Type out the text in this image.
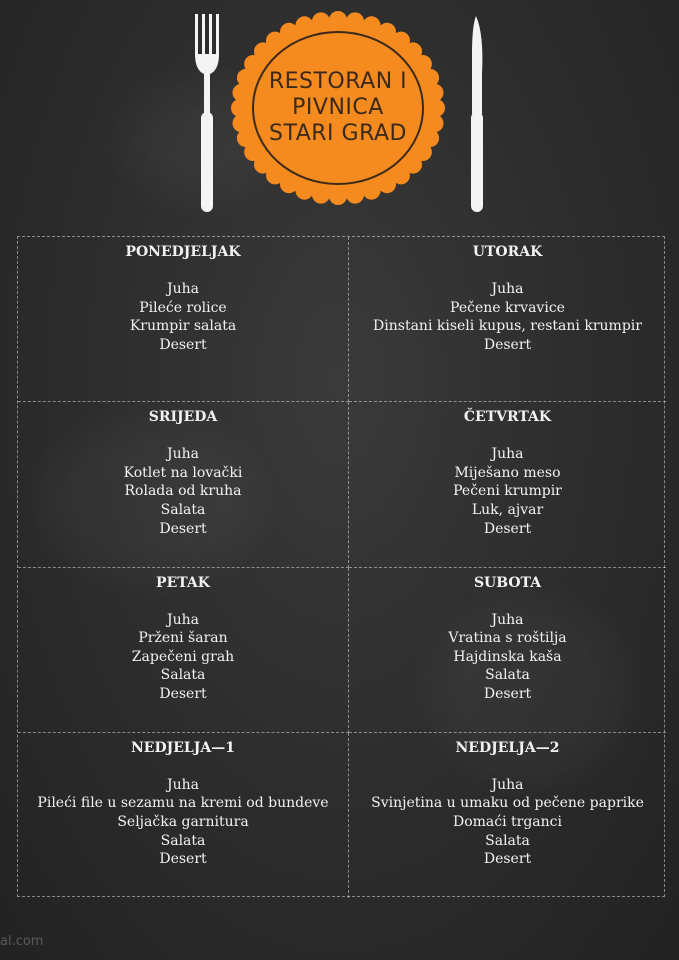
RESTORAN I
PIVNICA
STARI GRAD
PONEDJELJAK
Juha
Pileće rolice
Krumpir salata
Desert
UTORAK
Juha
Pečene krvavice
Dinstani kiseli kupus, restani krumpir
Desert
SRIJEDA
Juha
Kotlet na lovački
Rolada od kruha
Salata
Desert
ČETVRTAK
Juha
Miješano meso
Pečeni krumpir
Luk, ajvar
Desert
PETAK
Juha
Prženi šaran
Zapečeni grah
Salata
Desert
SUBOTA
Juha
Vratina s roštilja
Hajdinska kaša
Salata
Desert
NEDJELJA—1
Juha
Pileći file u sezamu na kremi od bundeve
Seljačka garnitura
Salata
Desert
NEDJELJA—2
Juha
Svinjetina u umaku od pečene paprike
Domaći trganci
Salata
Desert
al.com
